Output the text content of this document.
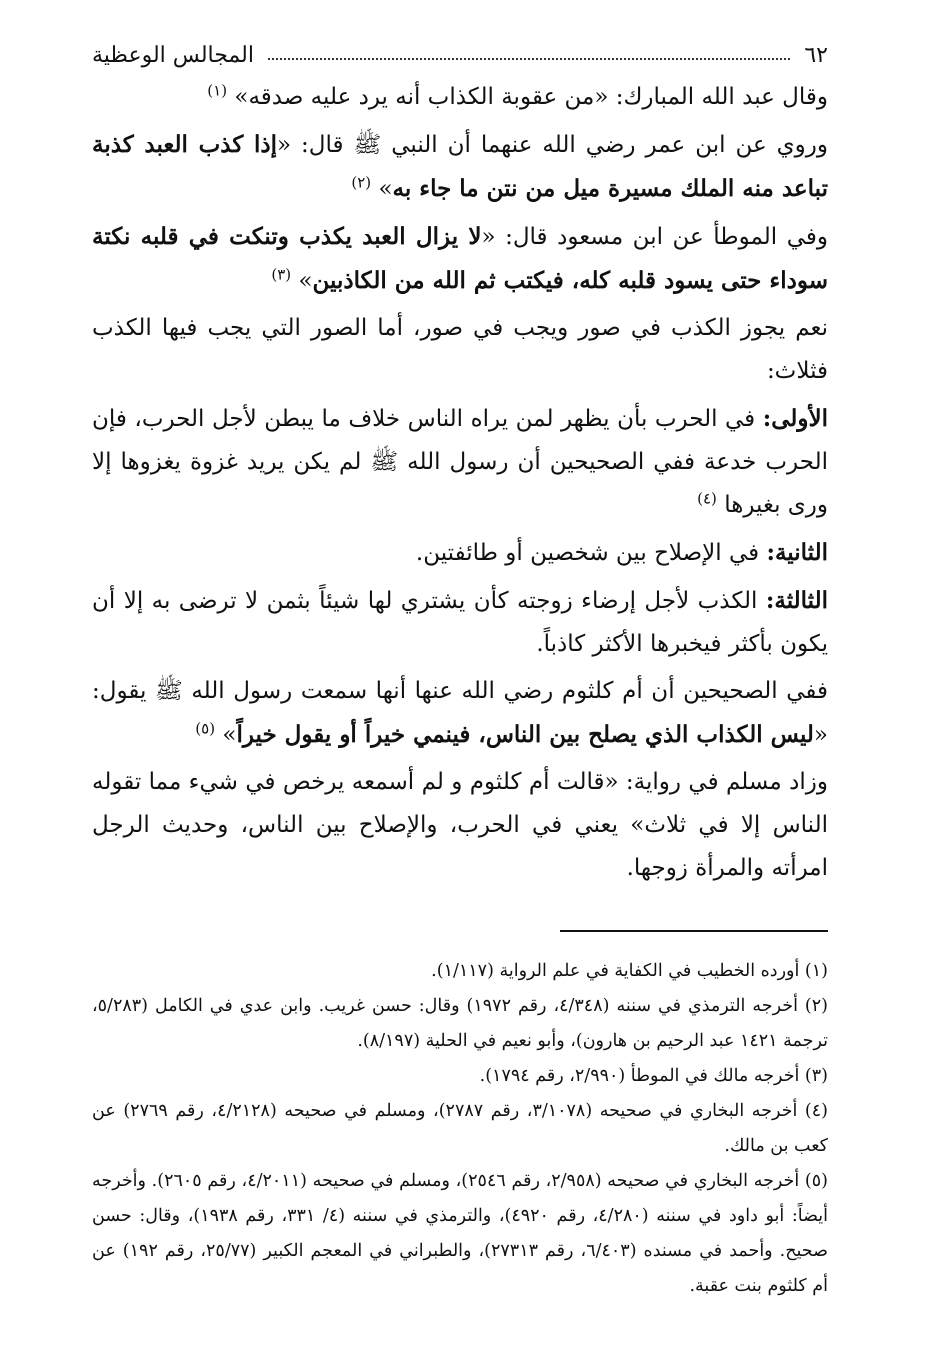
٦٢
المجالس الوعظية

وقال عبد الله المبارك: «من عقوبة الكذاب أنه يرد عليه صدقه» $^{(١)}$

وروي عن ابن عمر رضي الله عنهما أن النبي ﷺ قال: «إذا كذب العبد كذبة تباعد منه الملك مسيرة ميل من نتن ما جاء به» $^{(٢)}$

وفي الموطأ عن ابن مسعود قال: «لا يزال العبد يكذب وتنكت في قلبه نكتة سوداء حتى يسود قلبه كله، فيكتب ثم الله من الكاذبين» $^{(٣)}$

نعم يجوز الكذب في صور ويجب في صور، أما الصور التي يجب فيها الكذب فثلاث:

الأولى: في الحرب بأن يظهر لمن يراه الناس خلاف ما يبطن لأجل الحرب، فإن الحرب خدعة ففي الصحيحين أن رسول الله ﷺ لم يكن يريد غزوة يغزوها إلا ورى بغيرها $^{(٤)}$

الثانية: في الإصلاح بين شخصين أو طائفتين.

الثالثة: الكذب لأجل إرضاء زوجته كأن يشتري لها شيئاً بثمن لا ترضى به إلا أن يكون بأكثر فيخبرها الأكثر كاذباً.

ففي الصحيحين أن أم كلثوم رضي الله عنها أنها سمعت رسول الله ﷺ يقول: «ليس الكذاب الذي يصلح بين الناس، فينمي خيراً أو يقول خيراً» $^{(٥)}$

وزاد مسلم في رواية: «قالت أم كلثوم و لم أسمعه يرخص في شيء مما تقوله الناس إلا في ثلاث» يعني في الحرب، والإصلاح بين الناس، وحديث الرجل امرأته والمرأة زوجها.

(١) أورده الخطيب في الكفاية في علم الرواية (١/١١٧).

(٢) أخرجه الترمذي في سننه (٤/٣٤٨، رقم ١٩٧٢) وقال: حسن غريب. وابن عدي في الكامل (٥/٢٨٣، ترجمة ١٤٢١ عبد الرحيم بن هارون)، وأبو نعيم في الحلية (٨/١٩٧).

(٣) أخرجه مالك في الموطأ (٢/٩٩٠، رقم ١٧٩٤).

(٤) أخرجه البخاري في صحيحه (٣/١٠٧٨، رقم ٢٧٨٧)، ومسلم في صحيحه (٤/٢١٢٨، رقم ٢٧٦٩) عن كعب بن مالك.

(٥) أخرجه البخاري في صحيحه (٢/٩٥٨، رقم ٢٥٤٦)، ومسلم في صحيحه (٤/٢٠١١، رقم ٢٦٠٥). وأخرجه أيضاً: أبو داود في سننه (٤/٢٨٠، رقم ٤٩٢٠)، والترمذي في سننه (٤/ ٣٣١، رقم ١٩٣٨)، وقال: حسن صحيح. وأحمد في مسنده (٦/٤٠٣، رقم ٢٧٣١٣)، والطبراني في المعجم الكبير (٢٥/٧٧، رقم ١٩٢) عن أم كلثوم بنت عقبة.
